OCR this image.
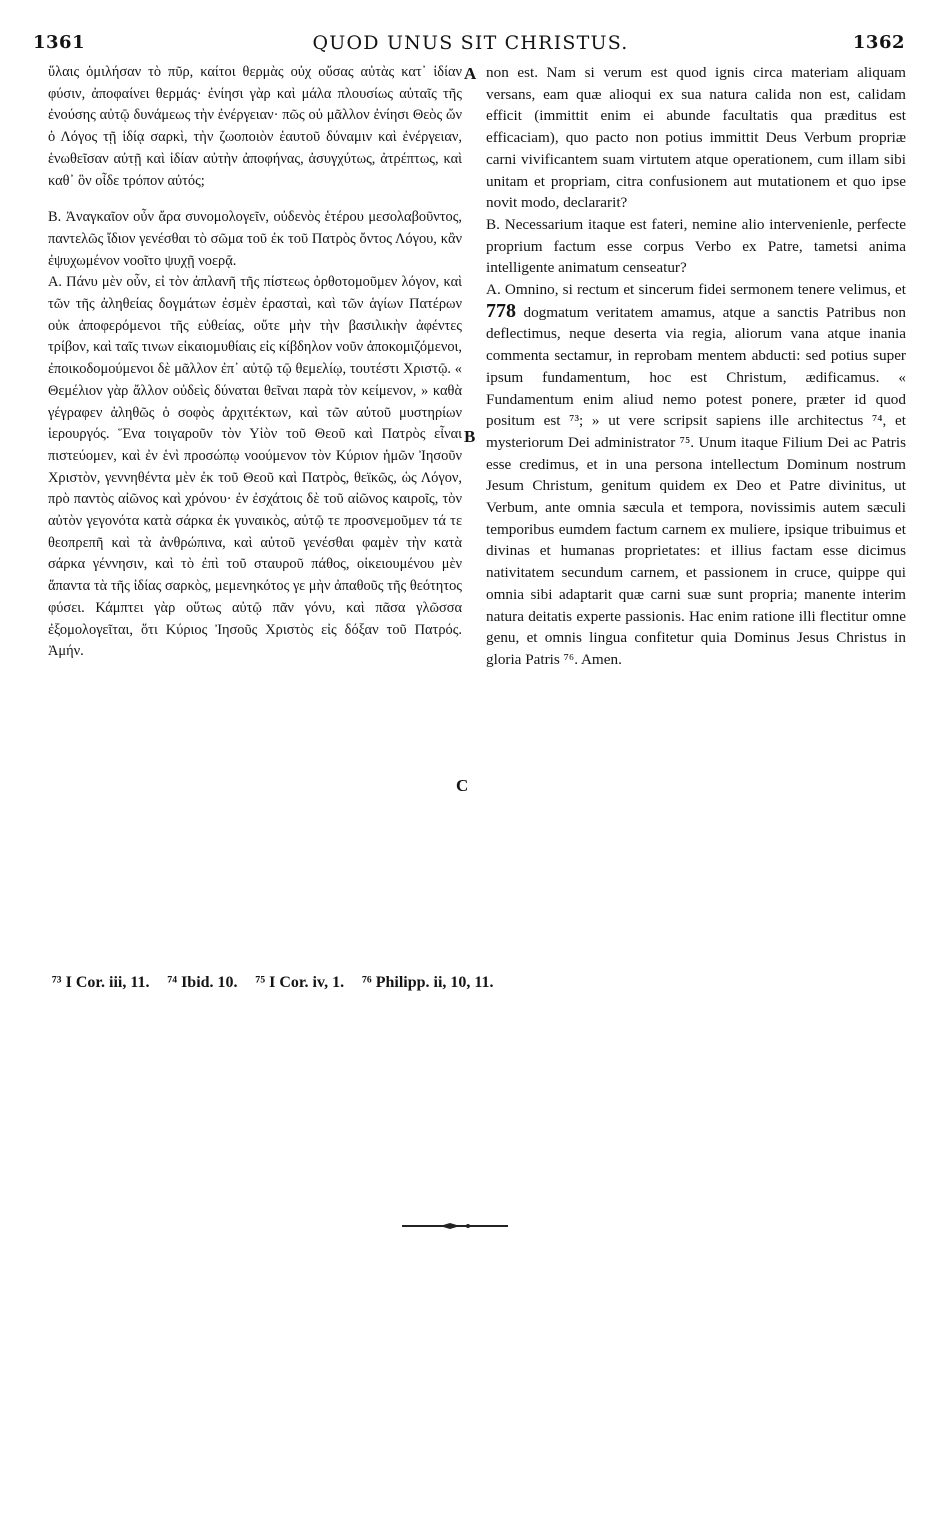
1361	QUOD UNUS SIT CHRISTUS.	1362

ὕλαις ὁμιλήσαν τὸ πῦρ, καίτοι θερμὰς οὐχ οὔσας αὐτὰς κατ᾽ ἰδίαν φύσιν, ἀποφαίνει θερμάς· ἐνίησι γὰρ καὶ μάλα πλουσίως αὐταῖς τῆς ἐνούσης αὐτῷ δυνάμεως τὴν ἐνέργειαν· πῶς οὐ μᾶλλον ἐνίησι Θεὸς ὤν ὁ Λόγος τῇ ἰδίᾳ σαρκὶ, τὴν ζωοποιὸν ἑαυτοῦ δύναμιν καὶ ἐνέργειαν, ἑνωθεῖσαν αὐτῇ καὶ ἰδίαν αὐτὴν ἀποφήνας, ἀσυγχύτως, ἀτρέπτως, καὶ καθ᾽ ὃν οἶδε τρόπον αὐτός;

B. Ἀναγκαῖον οὖν ἄρα συνομολογεῖν, οὐδενὸς ἑτέρου μεσολαβοῦντος, παντελῶς ἴδιον γενέσθαι τὸ σῶμα τοῦ ἐκ τοῦ Πατρὸς ὄντος Λόγου, κἂν ἐψυχωμένον νοοῖτο ψυχῇ νοερᾷ.

A. Πάνυ μὲν οὖν, εἰ τὸν ἀπλανῆ τῆς πίστεως ὀρθοτομοῦμεν λόγον, καὶ τῶν τῆς ἀληθείας δογμάτων ἐσμὲν ἐρασταὶ, καὶ τῶν ἁγίων Πατέρων οὐκ ἀποφερόμενοι τῆς εὐθείας, οὔτε μὴν τὴν βασιλικὴν ἀφέντες τρίβον, καὶ ταῖς τινων εἰκαιομυθίαις εἰς κίβδηλον νοῦν ἀποκομιζόμενοι, ἐποικοδομούμενοι δὲ μᾶλλον ἐπ᾽ αὐτῷ τῷ θεμελίῳ, τουτέστι Χριστῷ. « Θεμέλιον γὰρ ἄλλον οὐδεὶς δύναται θεῖναι παρὰ τὸν κείμενον, » καθὰ γέγραφεν ἀληθῶς ὁ σοφὸς ἀρχιτέκτων, καὶ τῶν αὐτοῦ μυστηρίων ἱερουργός. Ἕνα τοιγαροῦν τὸν Υἱὸν τοῦ Θεοῦ καὶ Πατρὸς εἶναι πιστεύομεν, καὶ ἐν ἑνὶ προσώπῳ νοούμενον τὸν Κύριον ἡμῶν Ἰησοῦν Χριστὸν, γεννηθέντα μὲν ἐκ τοῦ Θεοῦ καὶ Πατρὸς, θεϊκῶς, ὡς Λόγον, πρὸ παντὸς αἰῶνος καὶ χρόνου· ἐν ἐσχάτοις δὲ τοῦ αἰῶνος καιροῖς, τὸν αὐτὸν γεγονότα κατὰ σάρκα ἐκ γυναικὸς, αὐτῷ τε προσνεμοῦμεν τά τε θεοπρεπῆ καὶ τὰ ἀνθρώπινα, καὶ αὐτοῦ γενέσθαι φαμὲν τὴν κατὰ σάρκα γέννησιν, καὶ τὸ ἐπὶ τοῦ σταυροῦ πάθος, οἰκειουμένου μὲν ἅπαντα τὰ τῆς ἰδίας σαρκὸς, μεμενηκότος γε μὴν ἀπαθοῦς τῆς θεότητος φύσει. Κάμπτει γὰρ οὕτως αὐτῷ πᾶν γόνυ, καὶ πᾶσα γλῶσσα ἐξομολογεῖται, ὅτι Κύριος Ἰησοῦς Χριστὸς εἰς δόξαν τοῦ Πατρός. Ἀμήν.

A
B
C

non est. Nam si verum est quod ignis circa materiam aliquam versans, eam quæ alioqui ex sua natura calida non est, calidam efficit (immittit enim ei abunde facultatis qua præditus est efficaciam), quo pacto non potius immittit Deus Verbum propriæ carni vivificantem suam virtutem atque operationem, cum illam sibi unitam et propriam, citra confusionem aut mutationem et quo ipse novit modo, declararit?

B. Necessarium itaque est fateri, nemine alio intervenienle, perfecte proprium factum esse corpus Verbo ex Patre, tametsi anima intelligente animatum censeatur?

A. Omnino, si rectum et sincerum fidei sermonem tenere velimus, et 778 dogmatum veritatem amamus, atque a sanctis Patribus non deflectimus, neque deserta via regia, aliorum vana atque inania commenta sectamur, in reprobam mentem abducti: sed potius super ipsum fundamentum, hoc est Christum, ædificamus. « Fundamentum enim aliud nemo potest ponere, præter id quod positum est ⁷³; » ut vere scripsit sapiens ille architectus ⁷⁴, et mysteriorum Dei administrator ⁷⁵. Unum itaque Filium Dei ac Patris esse credimus, et in una persona intellectum Dominum nostrum Jesum Christum, genitum quidem ex Deo et Patre divinitus, ut Verbum, ante omnia sæcula et tempora, novissimis autem sæculi temporibus eumdem factum carnem ex muliere, ipsique tribuimus et divinas et humanas proprietates: et illius factam esse dicimus nativitatem secundum carnem, et passionem in cruce, quippe qui omnia sibi adaptarit quæ carni suæ sunt propria; manente interim natura deitatis experte passionis. Hac enim ratione illi flectitur omne genu, et omnis lingua confitetur quia Dominus Jesus Christus in gloria Patris ⁷⁶. Amen.

⁷³ I Cor. iii, 11. ⁷⁴ Ibid. 10. ⁷⁵ I Cor. iv, 1. ⁷⁶ Philipp. ii, 10, 11.
